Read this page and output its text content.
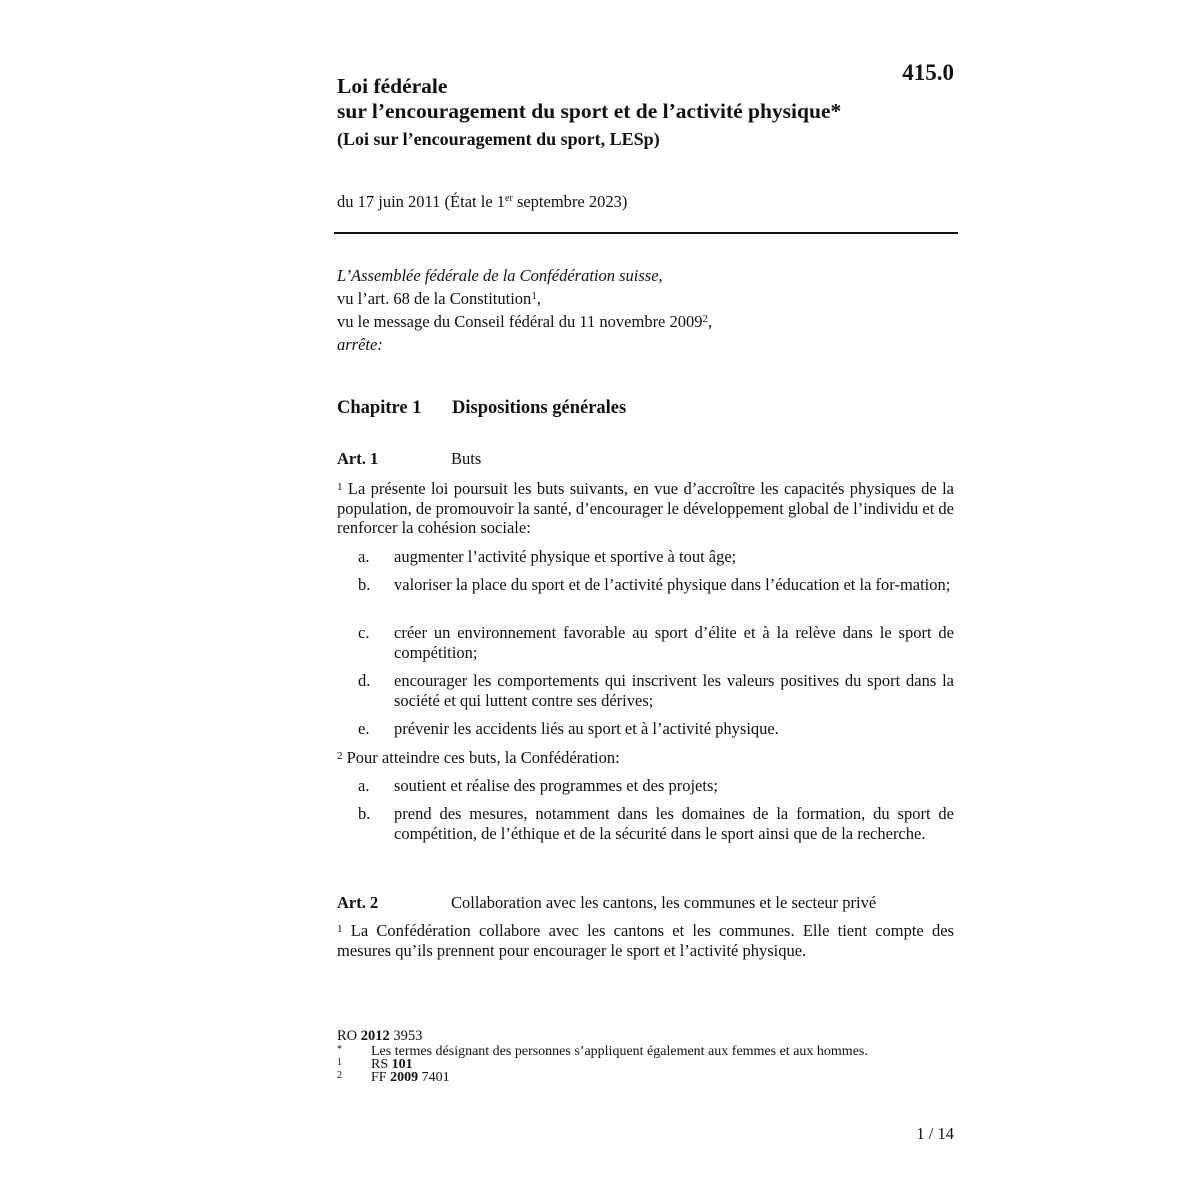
415.0
Loi fédérale
sur l’encouragement du sport et de l’activité physique*
(Loi sur l’encouragement du sport, LESp)
du 17 juin 2011 (État le 1er septembre 2023)
L’Assemblée fédérale de la Confédération suisse,
vu l’art. 68 de la Constitution$^1$,
vu le message du Conseil fédéral du 11 novembre 2009$^2$,
arrête:
Chapitre 1 Dispositions générales
Art. 1	Buts
$^1$ La présente loi poursuit les buts suivants, en vue d’accroître les capacités physiques de la population, de promouvoir la santé, d’encourager le développement global de l’individu et de renforcer la cohésion sociale:
a. augmenter l’activité physique et sportive à tout âge;
b. valoriser la place du sport et de l’activité physique dans l’éducation et la for-mation;
c. créer un environnement favorable au sport d’élite et à la relève dans le sport de compétition;
d. encourager les comportements qui inscrivent les valeurs positives du sport dans la société et qui luttent contre ses dérives;
e. prévenir les accidents liés au sport et à l’activité physique.
$^2$ Pour atteindre ces buts, la Confédération:
a. soutient et réalise des programmes et des projets;
b. prend des mesures, notamment dans les domaines de la formation, du sport de compétition, de l’éthique et de la sécurité dans le sport ainsi que de la recherche.
Art. 2	Collaboration avec les cantons, les communes et le secteur privé
$^1$ La Confédération collabore avec les cantons et les communes. Elle tient compte des mesures qu’ils prennent pour encourager le sport et l’activité physique.
RO 2012 3953
* Les termes désignant des personnes s’appliquent également aux femmes et aux hommes.
1 RS 101
2 FF 2009 7401
1 / 14
